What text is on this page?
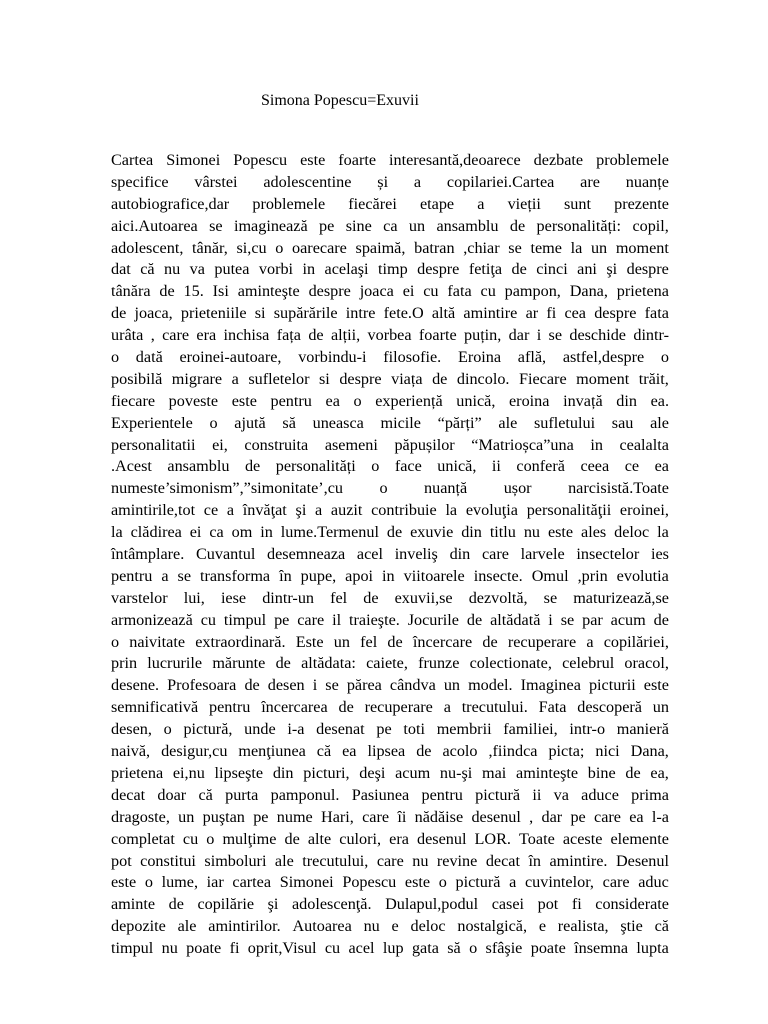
Simona Popescu=Exuvii
Cartea Simonei Popescu este foarte interesantă,deoarece dezbate problemele
specifice vârstei adolescentine și a copilariei.Cartea are nuanțe
autobiografice,dar problemele fiecărei etape a vieții sunt prezente
aici.Autoarea se imaginează pe sine ca un ansamblu de personalități: copil,
adolescent, tânăr, si,cu o oarecare spaimă, batran ,chiar se teme la un moment
dat că nu va putea vorbi in acelaşi timp despre fetiţa de cinci ani şi despre
tânăra de 15. Isi aminteşte despre joaca ei cu fata cu pampon, Dana, prietena
de joaca, prieteniile si supărările intre fete.O altă amintire ar fi cea despre fata
urâta , care era inchisa fața de alții, vorbea foarte puțin, dar i se deschide dintr-
o dată eroinei-autoare, vorbindu-i filosofie. Eroina află, astfel,despre o
posibilă migrare a sufletelor si despre viața de dincolo. Fiecare moment trăit,
fiecare poveste este pentru ea o experiență unică, eroina invață din ea.
Experientele o ajută să uneasca micile “părți” ale sufletului sau ale
personalitatii ei, construita asemeni păpușilor “Matrioșca”una in cealalta
.Acest ansamblu de personalități o face unică, ii conferă ceea ce ea
numeste’simonism”,”simonitate’,cu o nuanță ușor narcisistă.Toate
amintirile,tot ce a învăţat şi a auzit contribuie la evoluţia personalităţii eroinei,
la clădirea ei ca om in lume.Termenul de exuvie din titlu nu este ales deloc la
întâmplare. Cuvantul desemneaza acel inveliş din care larvele insectelor ies
pentru a se transforma în pupe, apoi in viitoarele insecte. Omul ,prin evolutia
varstelor lui, iese dintr-un fel de exuvii,se dezvoltă, se maturizează,se
armonizează cu timpul pe care il traieşte. Jocurile de altădată i se par acum de
o naivitate extraordinară. Este un fel de încercare de recuperare a copilăriei,
prin lucrurile mărunte de altădata: caiete, frunze colectionate, celebrul oracol,
desene. Profesoara de desen i se părea cândva un model. Imaginea picturii este
semnificativă pentru încercarea de recuperare a trecutului. Fata descoperă un
desen, o pictură, unde i-a desenat pe toti membrii familiei, intr-o manieră
naivă, desigur,cu menţiunea că ea lipsea de acolo ,fiindca picta; nici Dana,
prietena ei,nu lipseşte din picturi, deşi acum nu-şi mai aminteşte bine de ea,
decat doar că purta pamponul. Pasiunea pentru pictură ii va aduce prima
dragoste, un puştan pe nume Hari, care îi nădăise desenul , dar pe care ea l-a
completat cu o mulţime de alte culori, era desenul LOR. Toate aceste elemente
pot constitui simboluri ale trecutului, care nu revine decat în amintire. Desenul
este o lume, iar cartea Simonei Popescu este o pictură a cuvintelor, care aduc
aminte de copilărie şi adolescenţă. Dulapul,podul casei pot fi considerate
depozite ale amintirilor. Autoarea nu e deloc nostalgică, e realista, ştie că
timpul nu poate fi oprit,Visul cu acel lup gata să o sfâşie poate însemna lupta
